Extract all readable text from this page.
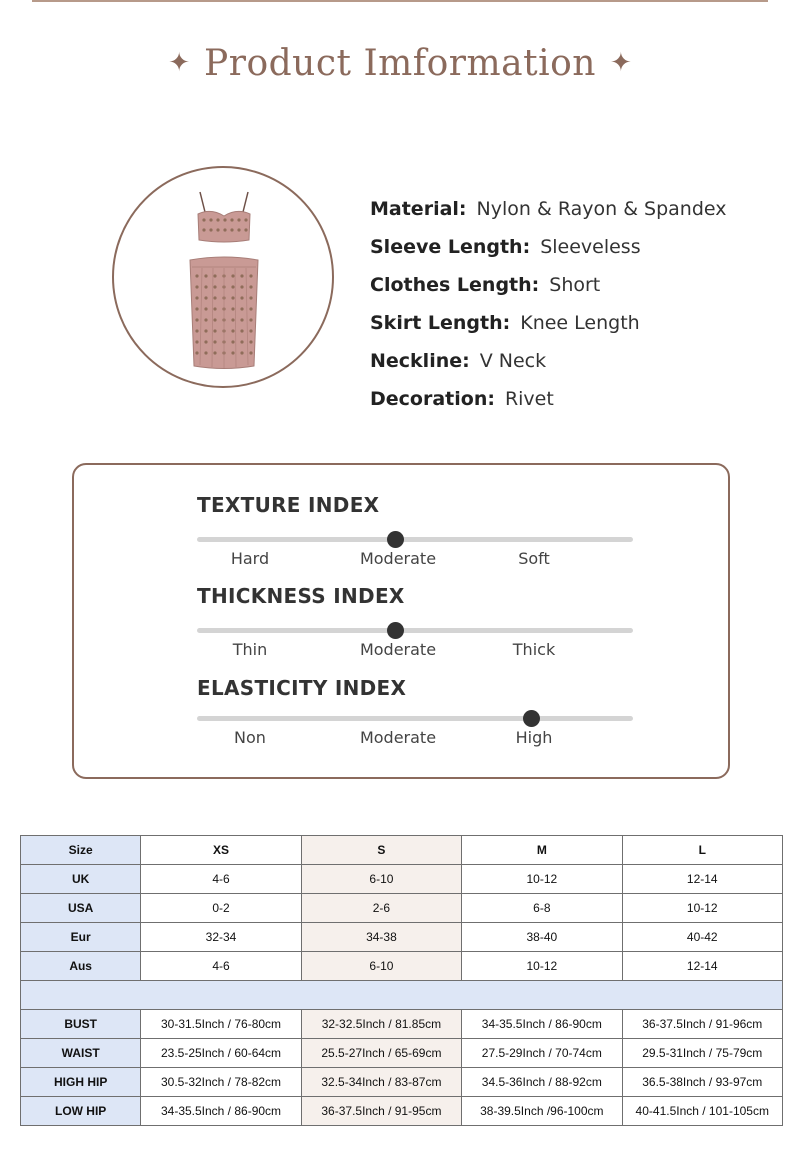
✦ Product Imformation ✦
Material: Nylon & Rayon & Spandex
Sleeve Length: Sleeveless
Clothes Length: Short
Skirt Length: Knee Length
Neckline: V Neck
Decoration: Rivet
TEXTURE INDEX
Hard	Moderate	Soft
THICKNESS INDEX
Thin	Moderate	Thick
ELASTICITY INDEX
Non	Moderate	High
Size	XS	S	M	L
UK	4-6	6-10	10-12	12-14
USA	0-2	2-6	6-8	10-12
Eur	32-34	34-38	38-40	40-42
Aus	4-6	6-10	10-12	12-14

BUST	30-31.5Inch / 76-80cm	32-32.5Inch / 81.85cm	34-35.5Inch / 86-90cm	36-37.5Inch / 91-96cm
WAIST	23.5-25Inch / 60-64cm	25.5-27Inch / 65-69cm	27.5-29Inch / 70-74cm	29.5-31Inch / 75-79cm
HIGH HIP	30.5-32Inch / 78-82cm	32.5-34Inch / 83-87cm	34.5-36Inch / 88-92cm	36.5-38Inch / 93-97cm
LOW HIP	34-35.5Inch / 86-90cm	36-37.5Inch / 91-95cm	38-39.5Inch /96-100cm	40-41.5Inch / 101-105cm
